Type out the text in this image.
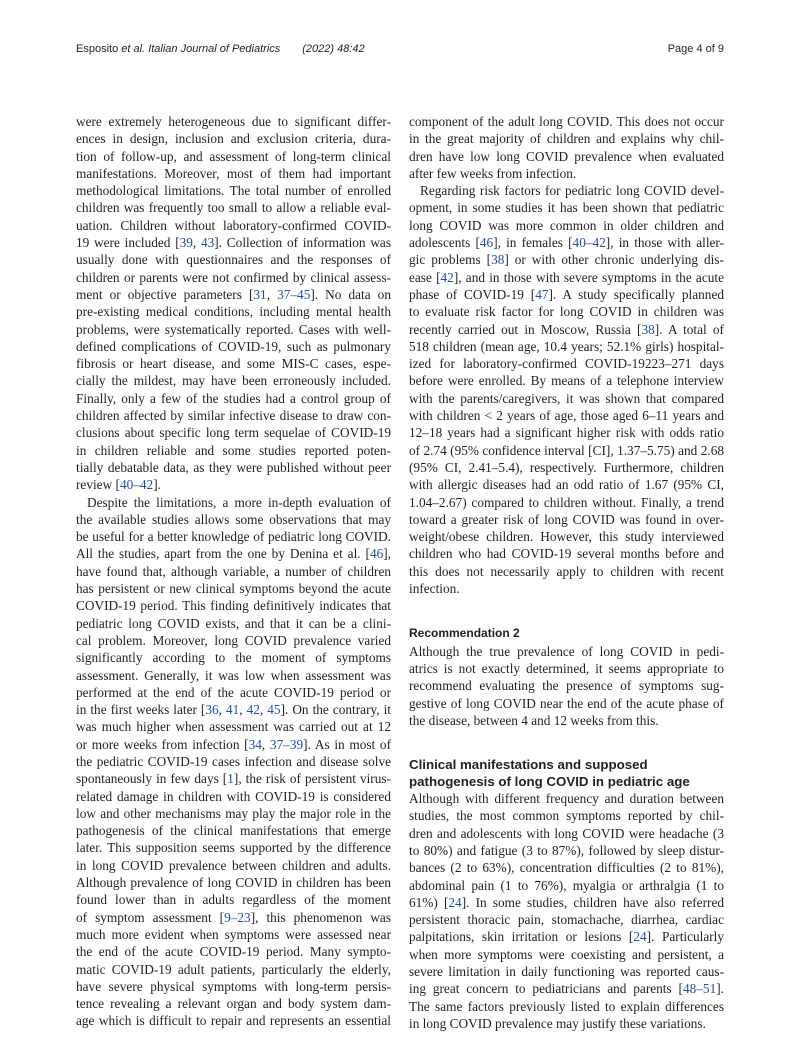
Esposito et al. Italian Journal of Pediatrics (2022) 48:42	Page 4 of 9
were extremely heterogeneous due to significant differ-
ences in design, inclusion and exclusion criteria, dura-
tion of follow-up, and assessment of long-term clinical
manifestations. Moreover, most of them had important
methodological limitations. The total number of enrolled
children was frequently too small to allow a reliable eval-
uation. Children without laboratory-confirmed COVID-
19 were included [39, 43]. Collection of information was
usually done with questionnaires and the responses of
children or parents were not confirmed by clinical assess-
ment or objective parameters [31, 37–45]. No data on
pre-existing medical conditions, including mental health
problems, were systematically reported. Cases with well-
defined complications of COVID-19, such as pulmonary
fibrosis or heart disease, and some MIS-C cases, espe-
cially the mildest, may have been erroneously included.
Finally, only a few of the studies had a control group of
children affected by similar infective disease to draw con-
clusions about specific long term sequelae of COVID-19
in children reliable and some studies reported poten-
tially debatable data, as they were published without peer
review [40–42].
Despite the limitations, a more in-depth evaluation of
the available studies allows some observations that may
be useful for a better knowledge of pediatric long COVID.
All the studies, apart from the one by Denina et al. [46],
have found that, although variable, a number of children
has persistent or new clinical symptoms beyond the acute
COVID-19 period. This finding definitively indicates that
pediatric long COVID exists, and that it can be a clini-
cal problem. Moreover, long COVID prevalence varied
significantly according to the moment of symptoms
assessment. Generally, it was low when assessment was
performed at the end of the acute COVID-19 period or
in the first weeks later [36, 41, 42, 45]. On the contrary, it
was much higher when assessment was carried out at 12
or more weeks from infection [34, 37–39]. As in most of
the pediatric COVID-19 cases infection and disease solve
spontaneously in few days [1], the risk of persistent virus-
related damage in children with COVID-19 is considered
low and other mechanisms may play the major role in the
pathogenesis of the clinical manifestations that emerge
later. This supposition seems supported by the difference
in long COVID prevalence between children and adults.
Although prevalence of long COVID in children has been
found lower than in adults regardless of the moment
of symptom assessment [9–23], this phenomenon was
much more evident when symptoms were assessed near
the end of the acute COVID-19 period. Many sympto-
matic COVID-19 adult patients, particularly the elderly,
have severe physical symptoms with long-term persis-
tence revealing a relevant organ and body system dam-
age which is difficult to repair and represents an essential
component of the adult long COVID. This does not occur
in the great majority of children and explains why chil-
dren have low long COVID prevalence when evaluated
after few weeks from infection.
Regarding risk factors for pediatric long COVID devel-
opment, in some studies it has been shown that pediatric
long COVID was more common in older children and
adolescents [46], in females [40–42], in those with aller-
gic problems [38] or with other chronic underlying dis-
ease [42], and in those with severe symptoms in the acute
phase of COVID-19 [47]. A study specifically planned
to evaluate risk factor for long COVID in children was
recently carried out in Moscow, Russia [38]. A total of
518 children (mean age, 10.4 years; 52.1% girls) hospital-
ized for laboratory-confirmed COVID-19223–271 days
before were enrolled. By means of a telephone interview
with the parents/caregivers, it was shown that compared
with children < 2 years of age, those aged 6–11 years and
12–18 years had a significant higher risk with odds ratio
of 2.74 (95% confidence interval [CI], 1.37–5.75) and 2.68
(95% CI, 2.41–5.4), respectively. Furthermore, children
with allergic diseases had an odd ratio of 1.67 (95% CI,
1.04–2.67) compared to children without. Finally, a trend
toward a greater risk of long COVID was found in over-
weight/obese children. However, this study interviewed
children who had COVID-19 several months before and
this does not necessarily apply to children with recent
infection.
Recommendation 2
Although the true prevalence of long COVID in pedi-
atrics is not exactly determined, it seems appropriate to
recommend evaluating the presence of symptoms sug-
gestive of long COVID near the end of the acute phase of
the disease, between 4 and 12 weeks from this.
Clinical manifestations and supposed
pathogenesis of long COVID in pediatric age
Although with different frequency and duration between
studies, the most common symptoms reported by chil-
dren and adolescents with long COVID were headache (3
to 80%) and fatigue (3 to 87%), followed by sleep distur-
bances (2 to 63%), concentration difficulties (2 to 81%),
abdominal pain (1 to 76%), myalgia or arthralgia (1 to
61%) [24]. In some studies, children have also referred
persistent thoracic pain, stomachache, diarrhea, cardiac
palpitations, skin irritation or lesions [24]. Particularly
when more symptoms were coexisting and persistent, a
severe limitation in daily functioning was reported caus-
ing great concern to pediatricians and parents [48–51].
The same factors previously listed to explain differences
in long COVID prevalence may justify these variations.
